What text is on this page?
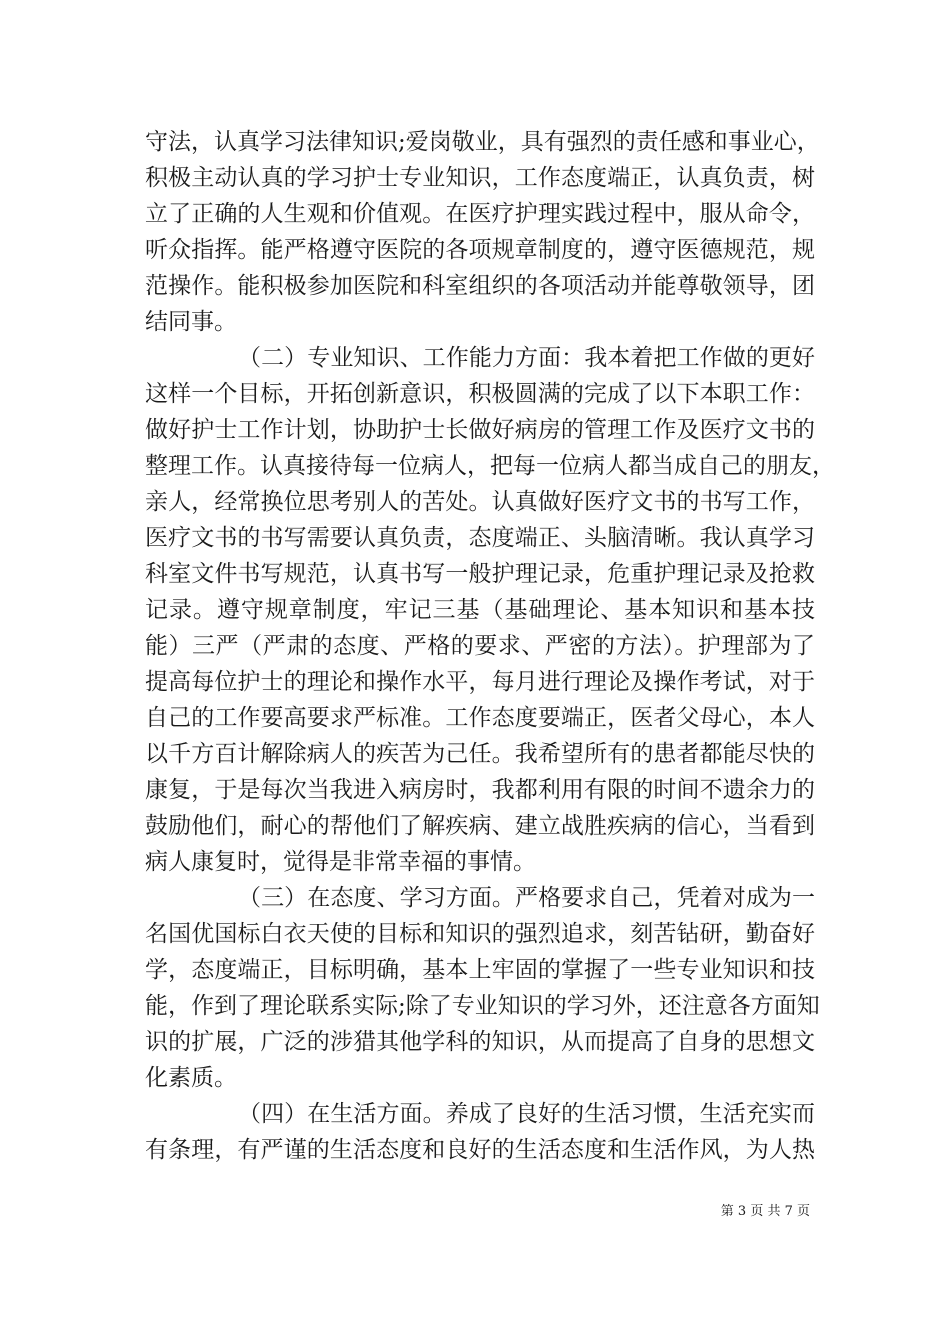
守法，认真学习法律知识;爱岗敬业，具有强烈的责任感和事业心，

积极主动认真的学习护士专业知识，工作态度端正，认真负责，树

立了正确的人生观和价值观。在医疗护理实践过程中，服从命令，

听众指挥。能严格遵守医院的各项规章制度的，遵守医德规范，规

范操作。能积极参加医院和科室组织的各项活动并能尊敬领导，团

结同事。

（二）专业知识、工作能力方面：我本着把工作做的更好

这样一个目标，开拓创新意识，积极圆满的完成了以下本职工作：

做好护士工作计划，协助护士长做好病房的管理工作及医疗文书的

整理工作。认真接待每一位病人，把每一位病人都当成自己的朋友，

亲人，经常换位思考别人的苦处。认真做好医疗文书的书写工作，

医疗文书的书写需要认真负责，态度端正、头脑清晰。我认真学习

科室文件书写规范，认真书写一般护理记录，危重护理记录及抢救

记录。遵守规章制度，牢记三基（基础理论、基本知识和基本技

能）三严（严肃的态度、严格的要求、严密的方法）。护理部为了

提高每位护士的理论和操作水平，每月进行理论及操作考试，对于

自己的工作要高要求严标准。工作态度要端正，医者父母心，本人

以千方百计解除病人的疾苦为己任。我希望所有的患者都能尽快的

康复，于是每次当我进入病房时，我都利用有限的时间不遗余力的

鼓励他们，耐心的帮他们了解疾病、建立战胜疾病的信心，当看到

病人康复时，觉得是非常幸福的事情。

（三）在态度、学习方面。严格要求自己，凭着对成为一

名国优国标白衣天使的目标和知识的强烈追求，刻苦钻研，勤奋好

学，态度端正，目标明确，基本上牢固的掌握了一些专业知识和技

能，作到了理论联系实际;除了专业知识的学习外，还注意各方面知

识的扩展，广泛的涉猎其他学科的知识，从而提高了自身的思想文

化素质。

（四）在生活方面。养成了良好的生活习惯，生活充实而

有条理，有严谨的生活态度和良好的生活态度和生活作风，为人热

第 3 页 共 7 页
